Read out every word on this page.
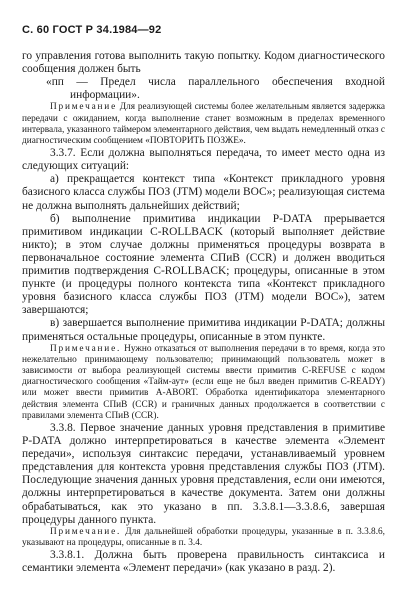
С. 60 ГОСТ Р 34.1984—92

го управления готова выполнить такую попытку. Кодом диагностического сообщения должен быть

«пп — Предел числа параллельного обеспечения входной информации».

Примечание Для реализующей системы более желательным является задержка передачи с ожиданием, когда выполнение станет возможным в пределах временного интервала, указанного таймером элементарного действия, чем выдать немедленный отказ с диагностическим сообщением «ПОВТОРИТЬ ПОЗЖЕ».

3.3.7. Если должна выполняться передача, то имеет место одна из следующих ситуаций:

а) прекращается контекст типа «Контекст прикладного уровня базисного класса службы ПОЗ (JTM) модели ВОС»; реализующая система не должна выполнять дальнейших действий;

б) выполнение примитива индикации P-DATA прерывается примитивом индикации C-ROLLBACK (который выполняет действие никто); в этом случае должны применяться процедуры возврата в первоначальное состояние элемента СПиВ (CCR) и должен вводиться примитив подтверждения C-ROLLBACK; процедуры, описанные в этом пункте (и процедуры полного контекста типа «Контекст прикладного уровня базисного класса службы ПОЗ (JTM) модели ВОС»), затем завершаются;

в) завершается выполнение примитива индикации P-DATA; должны применяться остальные процедуры, описанные в этом пункте.

Примечание. Нужно отказаться от выполнения передачи в то время, когда это нежелательно принимающему пользователю; принимающий пользователь может в зависимости от выбора реализующей системы ввести примитив C-REFUSE с кодом диагностического сообщения «Тайм-аут» (если еще не был введен примитив C-READY) или может ввести примитив A-ABORT. Обработка идентификатора элементарного действия элемента СПиВ (CCR) и граничных данных продолжается в соответствии с правилами элемента СПиВ (CCR).

3.3.8. Первое значение данных уровня представления в примитиве P-DATA должно интерпретироваться в качестве элемента «Элемент передачи», используя синтаксис передачи, устанавливаемый уровнем представления для контекста уровня представления службы ПОЗ (JTM). Последующие значения данных уровня представления, если они имеются, должны интерпретироваться в качестве документа. Затем они должны обрабатываться, как это указано в пп. 3.3.8.1—3.3.8.6, завершая процедуры данного пункта.

Примечание. Для дальнейшей обработки процедуры, указанные в п. 3.3.8.6, указывают на процедуры, описанные в п. 3.4.

3.3.8.1. Должна быть проверена правильность синтаксиса и семантики элемента «Элемент передачи» (как указано в разд. 2).
